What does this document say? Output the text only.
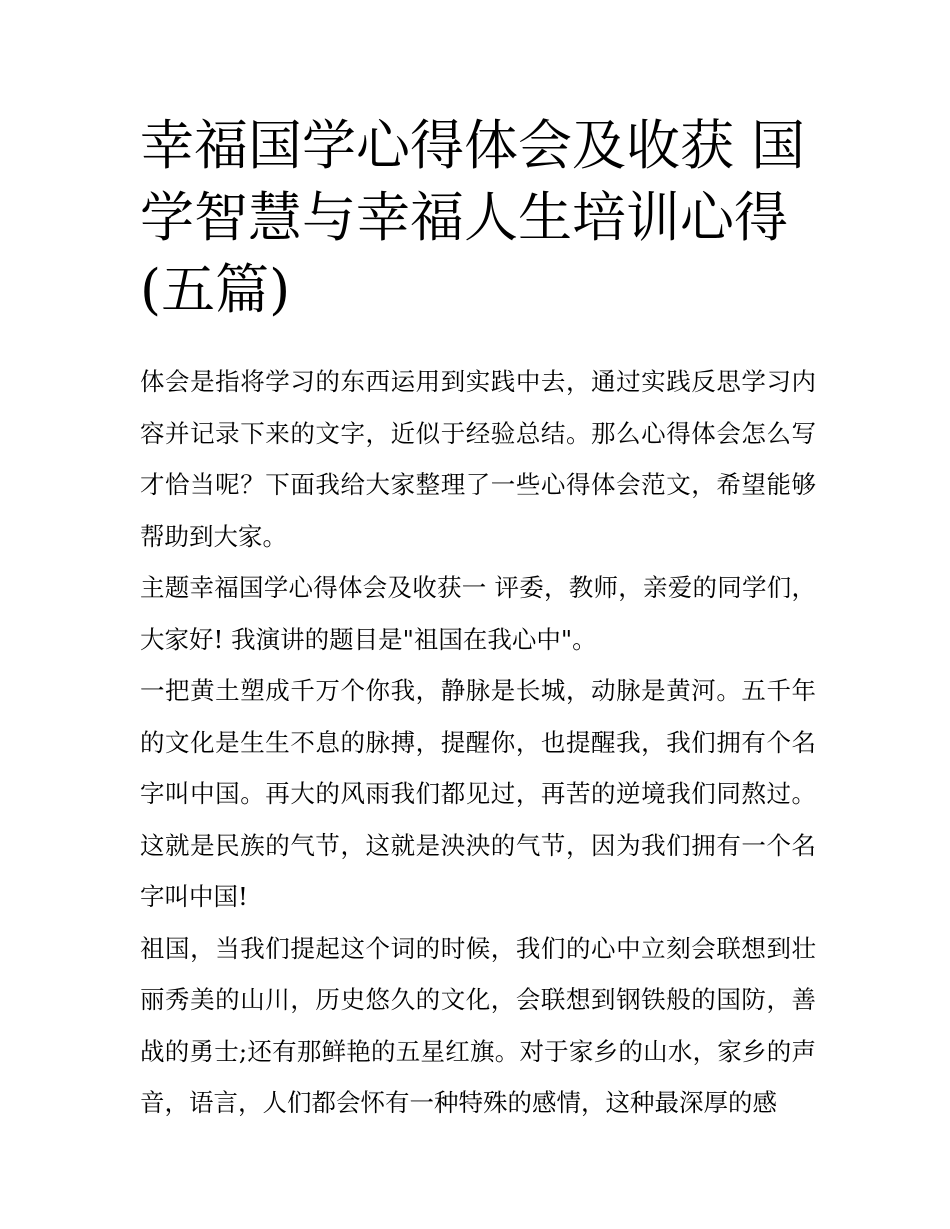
幸福国学心得体会及收获 国学智慧与幸福人生培训心得(五篇)

体会是指将学习的东西运用到实践中去，通过实践反思学习内容并记录下来的文字，近似于经验总结。那么心得体会怎么写才恰当呢？下面我给大家整理了一些心得体会范文，希望能够帮助到大家。

主题幸福国学心得体会及收获一 评委，教师，亲爱的同学们，大家好! 我演讲的题目是"祖国在我心中"。

一把黄土塑成千万个你我，静脉是长城，动脉是黄河。五千年的文化是生生不息的脉搏，提醒你，也提醒我，我们拥有个名字叫中国。再大的风雨我们都见过，再苦的逆境我们同熬过。这就是民族的气节，这就是泱泱的气节，因为我们拥有一个名字叫中国!

祖国，当我们提起这个词的时候，我们的心中立刻会联想到壮丽秀美的山川，历史悠久的文化，会联想到钢铁般的国防，善战的勇士;还有那鲜艳的五星红旗。对于家乡的山水，家乡的声音，语言，人们都会怀有一种特殊的感情，这种最深厚的感
